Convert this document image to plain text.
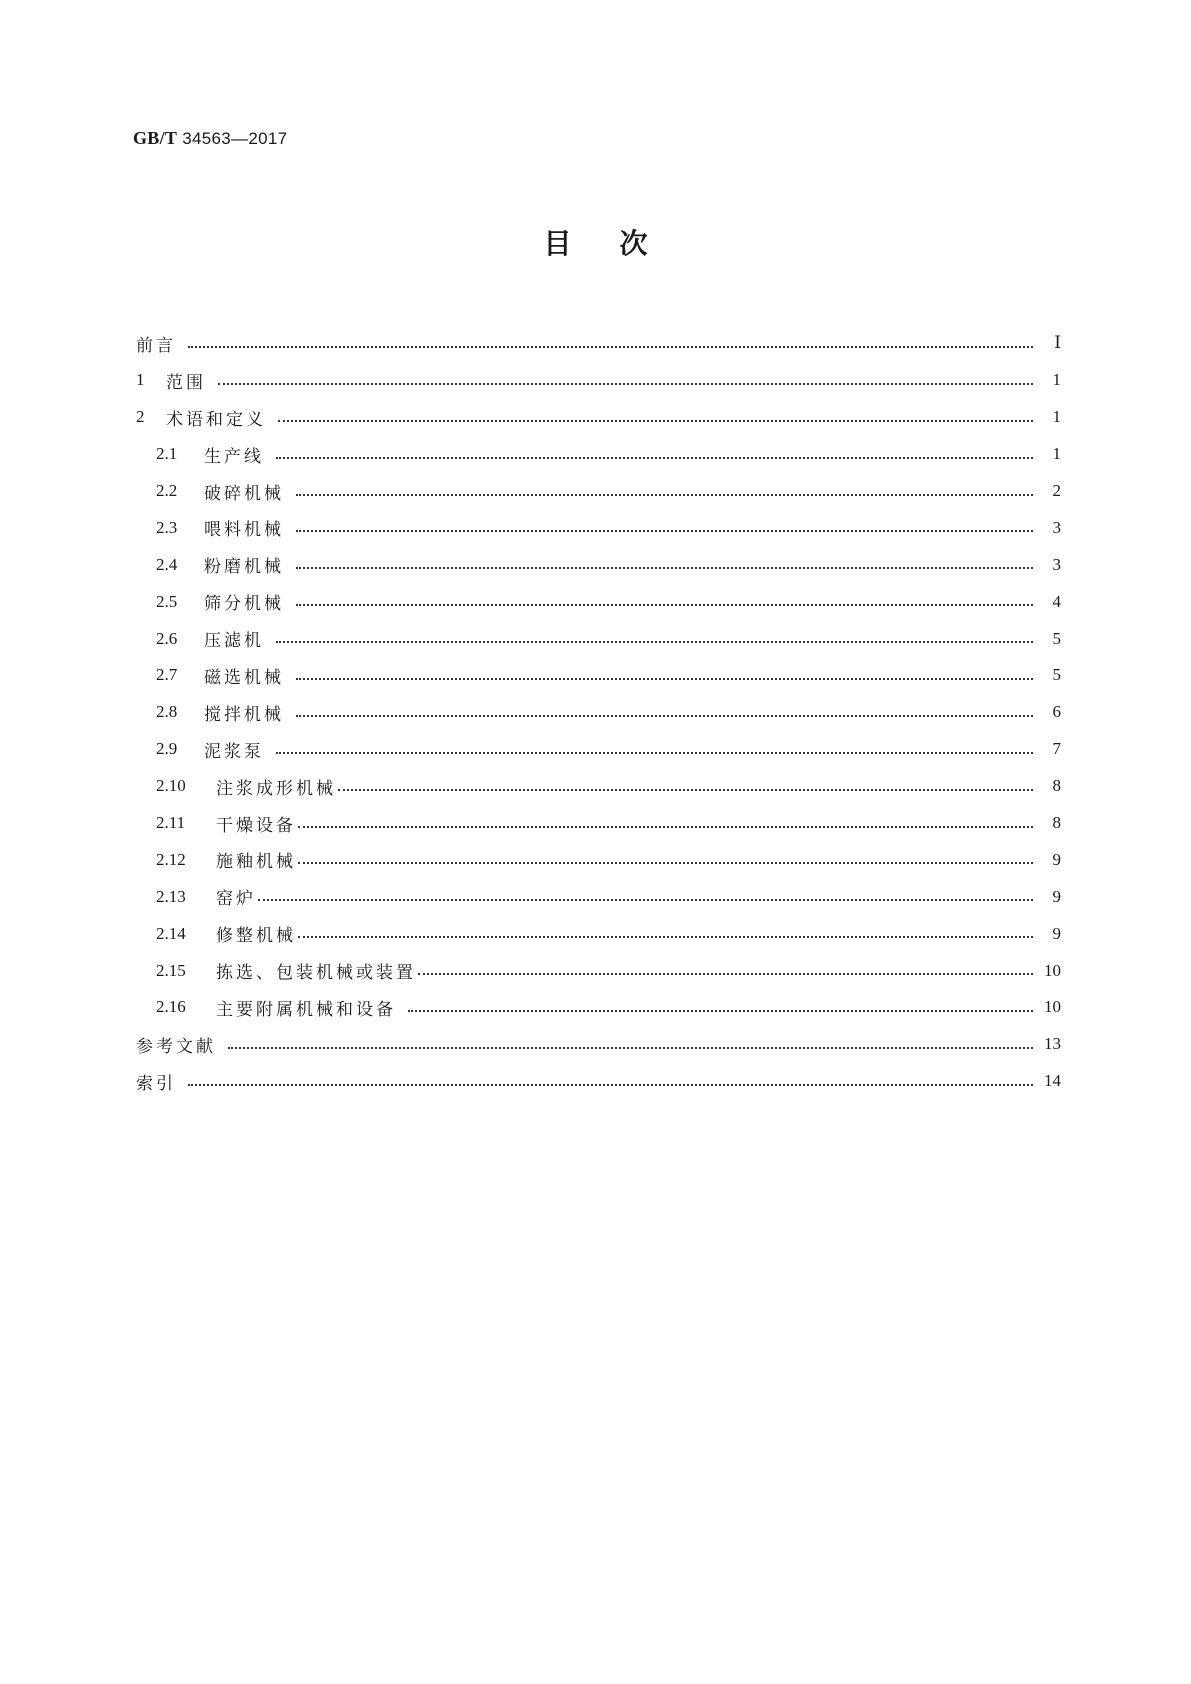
GB/T 34563—2017
目次
前言	Ⅰ
1	范围	1
2	术语和定义	1
2.1	生产线	1
2.2	破碎机械	2
2.3	喂料机械	3
2.4	粉磨机械	3
2.5	筛分机械	4
2.6	压滤机	5
2.7	磁选机械	5
2.8	搅拌机械	6
2.9	泥浆泵	7
2.10	注浆成形机械	8
2.11	干燥设备	8
2.12	施釉机械	9
2.13	窑炉	9
2.14	修整机械	9
2.15	拣选、包装机械或装置	10
2.16	主要附属机械和设备	10
参考文献	13
索引	14
